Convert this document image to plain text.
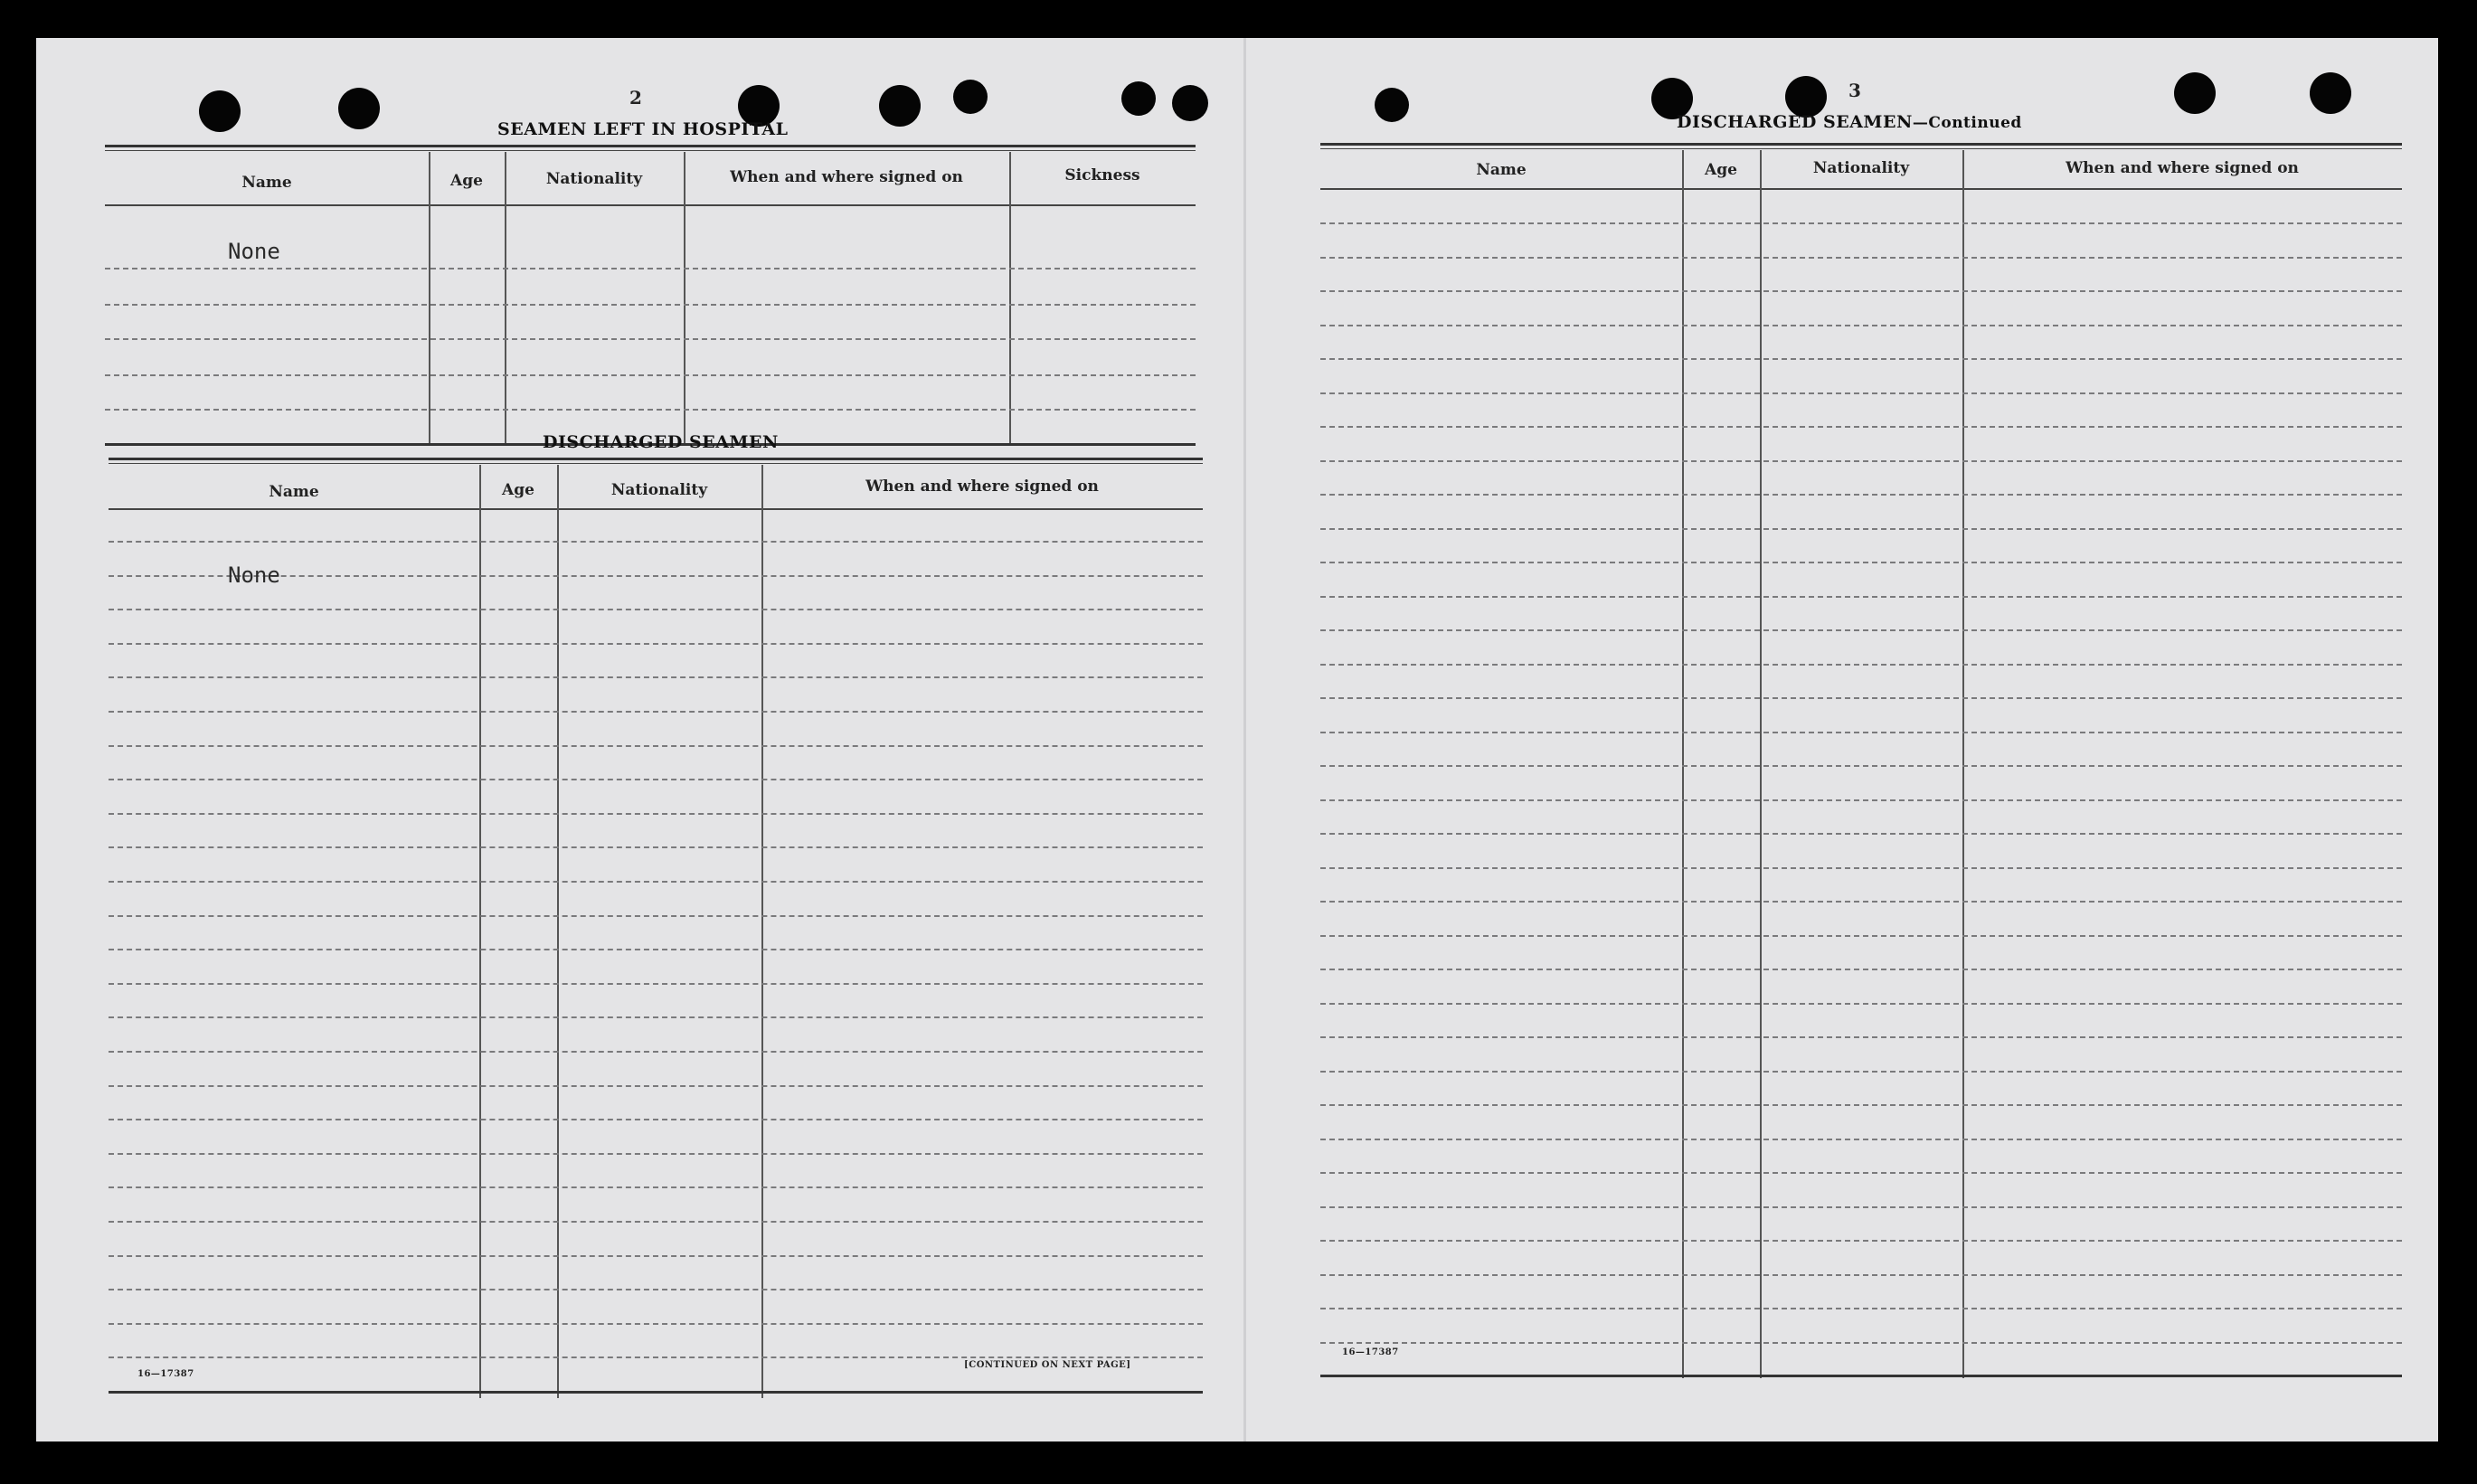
2
SEAMEN LEFT IN HOSPITAL
Name	Age	Nationality	When and where signed on	Sickness
None
DISCHARGED SEAMEN
Name	Age	Nationality	When and where signed on
None
16—17387
[CONTINUED ON NEXT PAGE]
3
DISCHARGED SEAMEN—Continued
Name	Age	Nationality	When and where signed on
16—17387
